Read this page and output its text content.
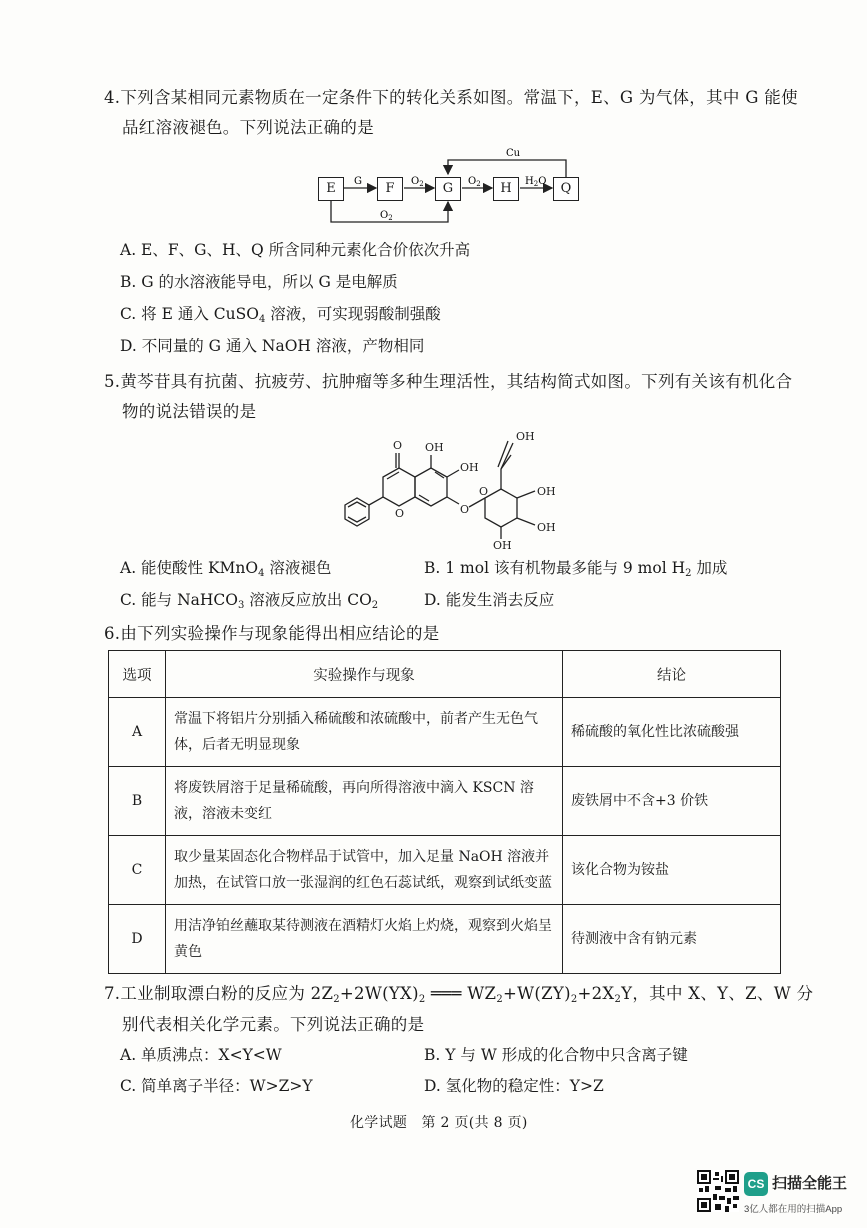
4.下列含某相同元素物质在一定条件下的转化关系如图。常温下，E、G 为气体，其中 G 能使
品红溶液褪色。下列说法正确的是
G	$O_2$	$O_2$	$H_2O$
Cu
$O_2$
E	F	G	H	Q
A. E、F、G、H、Q 所含同种元素化合价依次升高
B. G 的水溶液能导电，所以 G 是电解质
C. 将 E 通入 CuSO$_4$ 溶液，可实现弱酸制强酸
D. 不同量的 G 通入 NaOH 溶液，产物相同
5.黄芩苷具有抗菌、抗疲劳、抗肿瘤等多种生理活性，其结构简式如图。下列有关该有机化合
物的说法错误的是
O OH
OH
O	O
O
OH
OH
OH
OH
A. 能使酸性 KMnO$_4$ 溶液褪色	B. 1 mol 该有机物最多能与 9 mol $H_2$ 加成
C. 能与 NaHCO$_3$ 溶液反应放出 $CO_2$	D. 能发生消去反应
6.由下列实验操作与现象能得出相应结论的是
选项	实验操作与现象	结论
A	常温下将铝片分别插入稀硫酸和浓硫酸中，前者产生无色气体，后者无明显现象	稀硫酸的氧化性比浓硫酸强
B	将废铁屑溶于足量稀硫酸，再向所得溶液中滴入 KSCN 溶液，溶液未变红	废铁屑中不含+3 价铁
C	取少量某固态化合物样品于试管中，加入足量 NaOH 溶液并加热，在试管口放一张湿润的红色石蕊试纸，观察到试纸变蓝	该化合物为铵盐
D	用洁净铂丝蘸取某待测液在酒精灯火焰上灼烧，观察到火焰呈黄色	待测液中含有钠元素
7.工业制取漂白粉的反应为 $2Z_2+2W(YX)_2$ ═══ $WZ_2+W(ZY)_2+2X_2Y$，其中 X、Y、Z、W 分
别代表相关化学元素。下列说法正确的是
A. 单质沸点：X<Y<W	B. Y 与 W 形成的化合物中只含离子键
C. 简单离子半径：W>Z>Y	D. 氢化物的稳定性：Y>Z
化学试题　第 2 页(共 8 页)
CS 扫描全能王
3亿人都在用的扫描App
